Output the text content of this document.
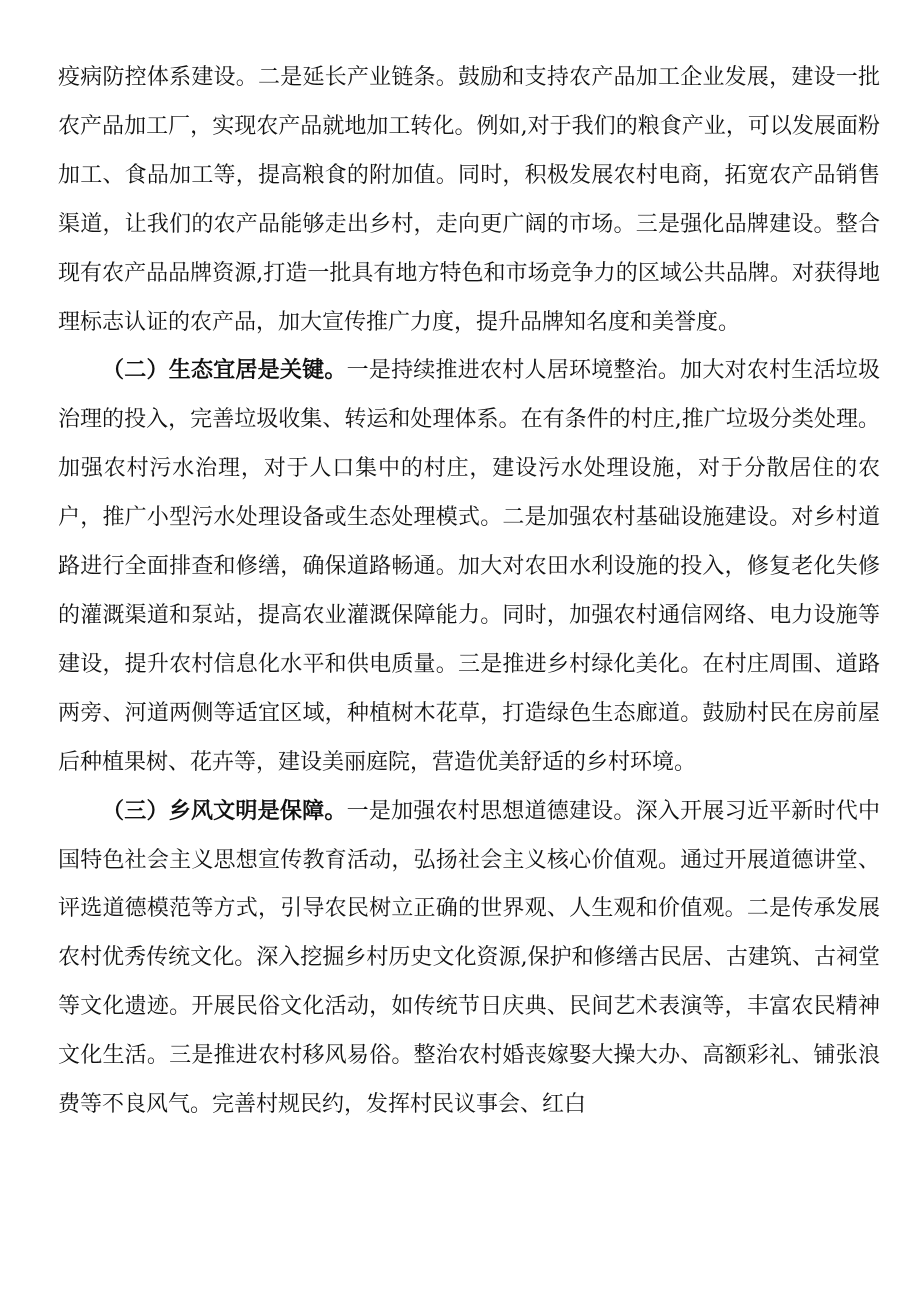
疫病防控体系建设。二是延长产业链条。鼓励和支持农产品加工企业发展，建设一批农产品加工厂，实现农产品就地加工转化。例如,对于我们的粮食产业，可以发展面粉加工、食品加工等，提高粮食的附加值。同时，积极发展农村电商，拓宽农产品销售渠道，让我们的农产品能够走出乡村，走向更广阔的市场。三是强化品牌建设。整合现有农产品品牌资源,打造一批具有地方特色和市场竞争力的区域公共品牌。对获得地理标志认证的农产品，加大宣传推广力度，提升品牌知名度和美誉度。

（二）生态宜居是关键。一是持续推进农村人居环境整治。加大对农村生活垃圾治理的投入，完善垃圾收集、转运和处理体系。在有条件的村庄,推广垃圾分类处理。加强农村污水治理，对于人口集中的村庄，建设污水处理设施，对于分散居住的农户，推广小型污水处理设备或生态处理模式。二是加强农村基础设施建设。对乡村道路进行全面排查和修缮，确保道路畅通。加大对农田水利设施的投入，修复老化失修的灌溉渠道和泵站，提高农业灌溉保障能力。同时，加强农村通信网络、电力设施等建设，提升农村信息化水平和供电质量。三是推进乡村绿化美化。在村庄周围、道路两旁、河道两侧等适宜区域，种植树木花草，打造绿色生态廊道。鼓励村民在房前屋后种植果树、花卉等，建设美丽庭院，营造优美舒适的乡村环境。

（三）乡风文明是保障。一是加强农村思想道德建设。深入开展习近平新时代中国特色社会主义思想宣传教育活动，弘扬社会主义核心价值观。通过开展道德讲堂、评选道德模范等方式，引导农民树立正确的世界观、人生观和价值观。二是传承发展农村优秀传统文化。深入挖掘乡村历史文化资源,保护和修缮古民居、古建筑、古祠堂等文化遗迹。开展民俗文化活动，如传统节日庆典、民间艺术表演等，丰富农民精神文化生活。三是推进农村移风易俗。整治农村婚丧嫁娶大操大办、高额彩礼、铺张浪费等不良风气。完善村规民约，发挥村民议事会、红白
